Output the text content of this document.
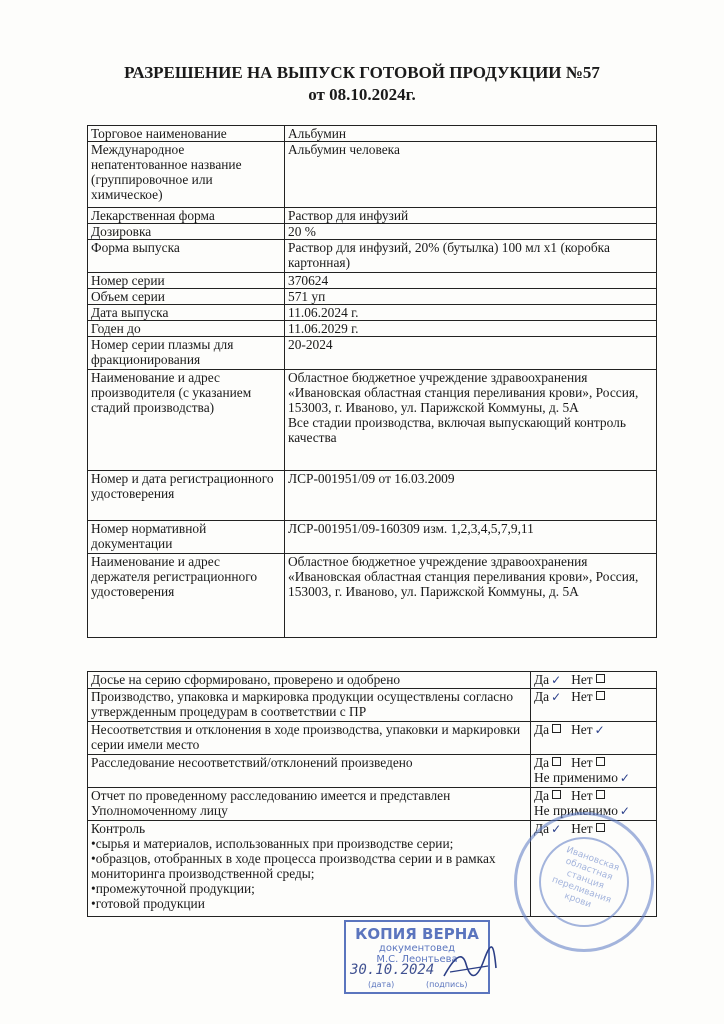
РАЗРЕШЕНИЕ НА ВЫПУСК ГОТОВОЙ ПРОДУКЦИИ №57
от 08.10.2024г.
Торговое наименование	Альбумин
Международное непатентованное название (группировочное или химическое)	Альбумин человека
Лекарственная форма	Раствор для инфузий
Дозировка	20 %
Форма выпуска	Раствор для инфузий, 20% (бутылка) 100 мл х1 (коробка картонная)
Номер серии	370624
Объем серии	571 уп
Дата выпуска	11.06.2024 г.
Годен до	11.06.2029 г.
Номер серии плазмы для фракционирования	20-2024
Наименование и адрес производителя (с указанием стадий производства)	Областное бюджетное учреждение здравоохранения «Ивановская областная станция переливания крови», Россия, 153003, г. Иваново, ул. Парижской Коммуны, д. 5А
Все стадии производства, включая выпускающий контроль качества

Номер и дата регистрационного удостоверения	ЛСР-001951/09 от 16.03.2009
Номер нормативной документации	ЛСР-001951/09-160309 изм. 1,2,3,4,5,7,9,11
Наименование и адрес держателя регистрационного удостоверения	Областное бюджетное учреждение здравоохранения «Ивановская областная станция переливания крови», Россия, 153003, г. Иваново, ул. Парижской Коммуны, д. 5А
Досье на серию сформировано, проверено и одобрено	Да ✓ Нет
Производство, упаковка и маркировка продукции осуществлены согласно утвержденным процедурам в соответствии с ПР	Да ✓ Нет
Несоответствия и отклонения в ходе производства, упаковки и маркировки серии имели место	Да Нет ✓
Расследование несоответствий/отклонений произведено	Да Нет
Не применимо ✓
Отчет по проведенному расследованию имеется и представлен Уполномоченному лицу	Да Нет
Не применимо ✓

Контроль
•сырья и материалов, использованных при производстве серии;
•образцов, отобранных в ходе процесса производства серии и в рамках мониторинга производственной среды;
•промежуточной продукции;
•готовой продукции	Да ✓ Нет
Ивановская областная станция переливания крови
КОПИЯ ВЕРНА
документовед
М.С. Леонтьева
30.10.2024
(дата)	(подпись)
